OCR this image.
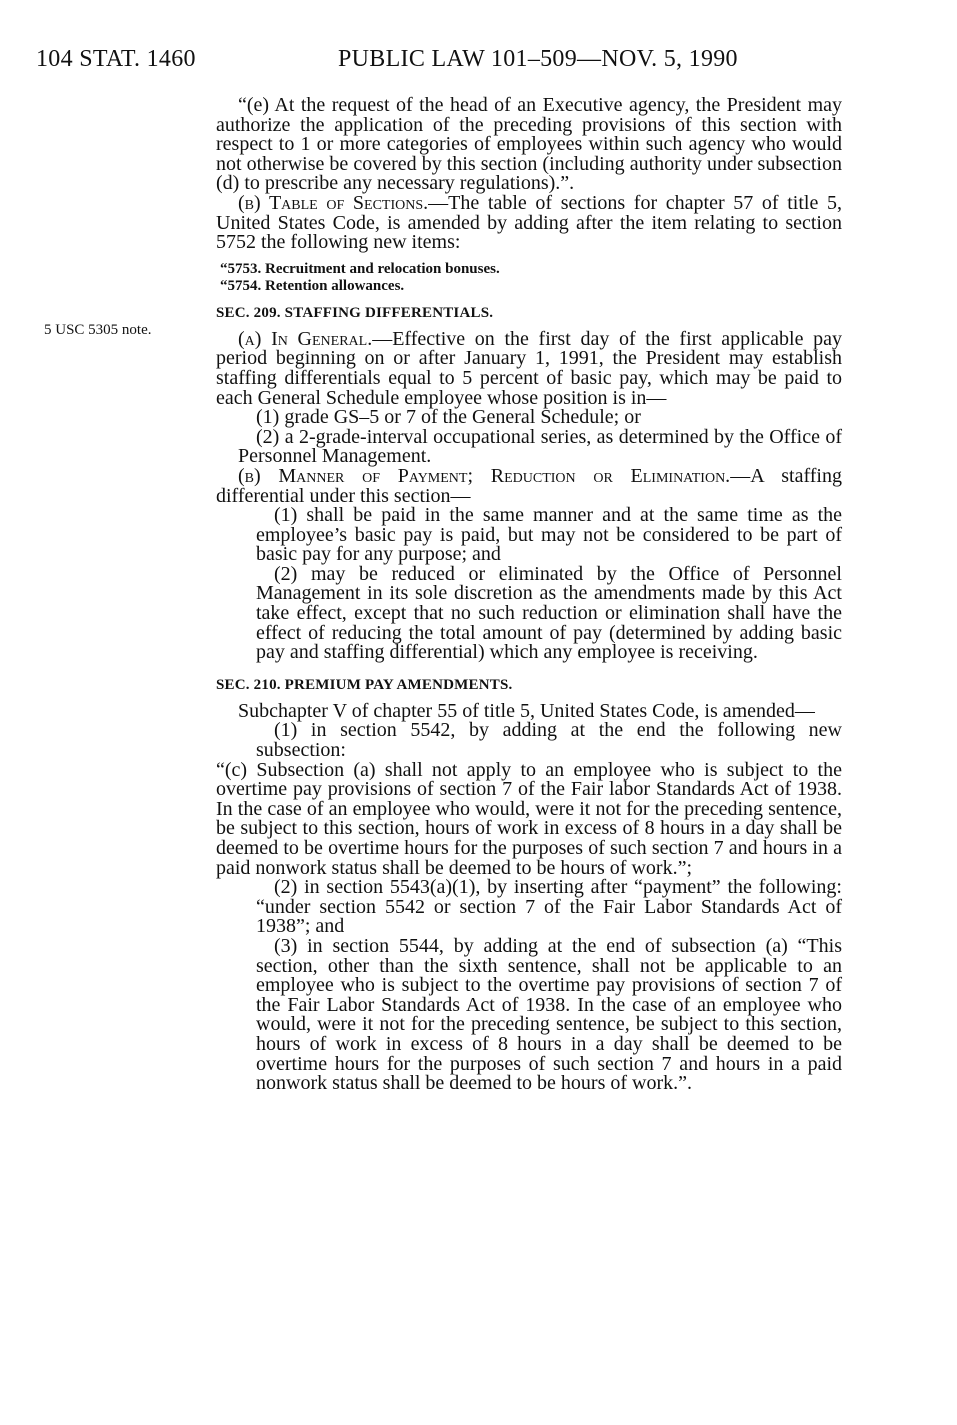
104 STAT. 1460	PUBLIC LAW 101–509—NOV. 5, 1990
5 USC 5305 note.

“(e) At the request of the head of an Executive agency, the President may authorize the application of the preceding provisions of this section with respect to 1 or more categories of employees within such agency who would not otherwise be covered by this section (including authority under subsection (d) to prescribe any necessary regulations).”.

(b) Table of Sections.—The table of sections for chapter 57 of title 5, United States Code, is amended by adding after the item relating to section 5752 the following new items:

“5753. Recruitment and relocation bonuses.
“5754. Retention allowances.
SEC. 209. STAFFING DIFFERENTIALS.

(a) In General.—Effective on the first day of the first applicable pay period beginning on or after January 1, 1991, the President may establish staffing differentials equal to 5 percent of basic pay, which may be paid to each General Schedule employee whose position is in—

(1) grade GS–5 or 7 of the General Schedule; or

(2) a 2-grade-interval occupational series, as determined by the Office of Personnel Management.

(b) Manner of Payment; Reduction or Elimination.—A staffing differential under this section—

(1) shall be paid in the same manner and at the same time as the employee’s basic pay is paid, but may not be considered to be part of basic pay for any purpose; and

(2) may be reduced or eliminated by the Office of Personnel Management in its sole discretion as the amendments made by this Act take effect, except that no such reduction or elimination shall have the effect of reducing the total amount of pay (determined by adding basic pay and staffing differential) which any employee is receiving.

SEC. 210. PREMIUM PAY AMENDMENTS.

Subchapter V of chapter 55 of title 5, United States Code, is amended—

(1) in section 5542, by adding at the end the following new subsection:

“(c) Subsection (a) shall not apply to an employee who is subject to the overtime pay provisions of section 7 of the Fair labor Standards Act of 1938. In the case of an employee who would, were it not for the preceding sentence, be subject to this section, hours of work in excess of 8 hours in a day shall be deemed to be overtime hours for the purposes of such section 7 and hours in a paid nonwork status shall be deemed to be hours of work.”;

(2) in section 5543(a)(1), by inserting after “payment” the following: “under section 5542 or section 7 of the Fair Labor Standards Act of 1938”; and

(3) in section 5544, by adding at the end of subsection (a) “This section, other than the sixth sentence, shall not be applicable to an employee who is subject to the overtime pay provisions of section 7 of the Fair Labor Standards Act of 1938. In the case of an employee who would, were it not for the preceding sentence, be subject to this section, hours of work in excess of 8 hours in a day shall be deemed to be overtime hours for the purposes of such section 7 and hours in a paid nonwork status shall be deemed to be hours of work.”.
